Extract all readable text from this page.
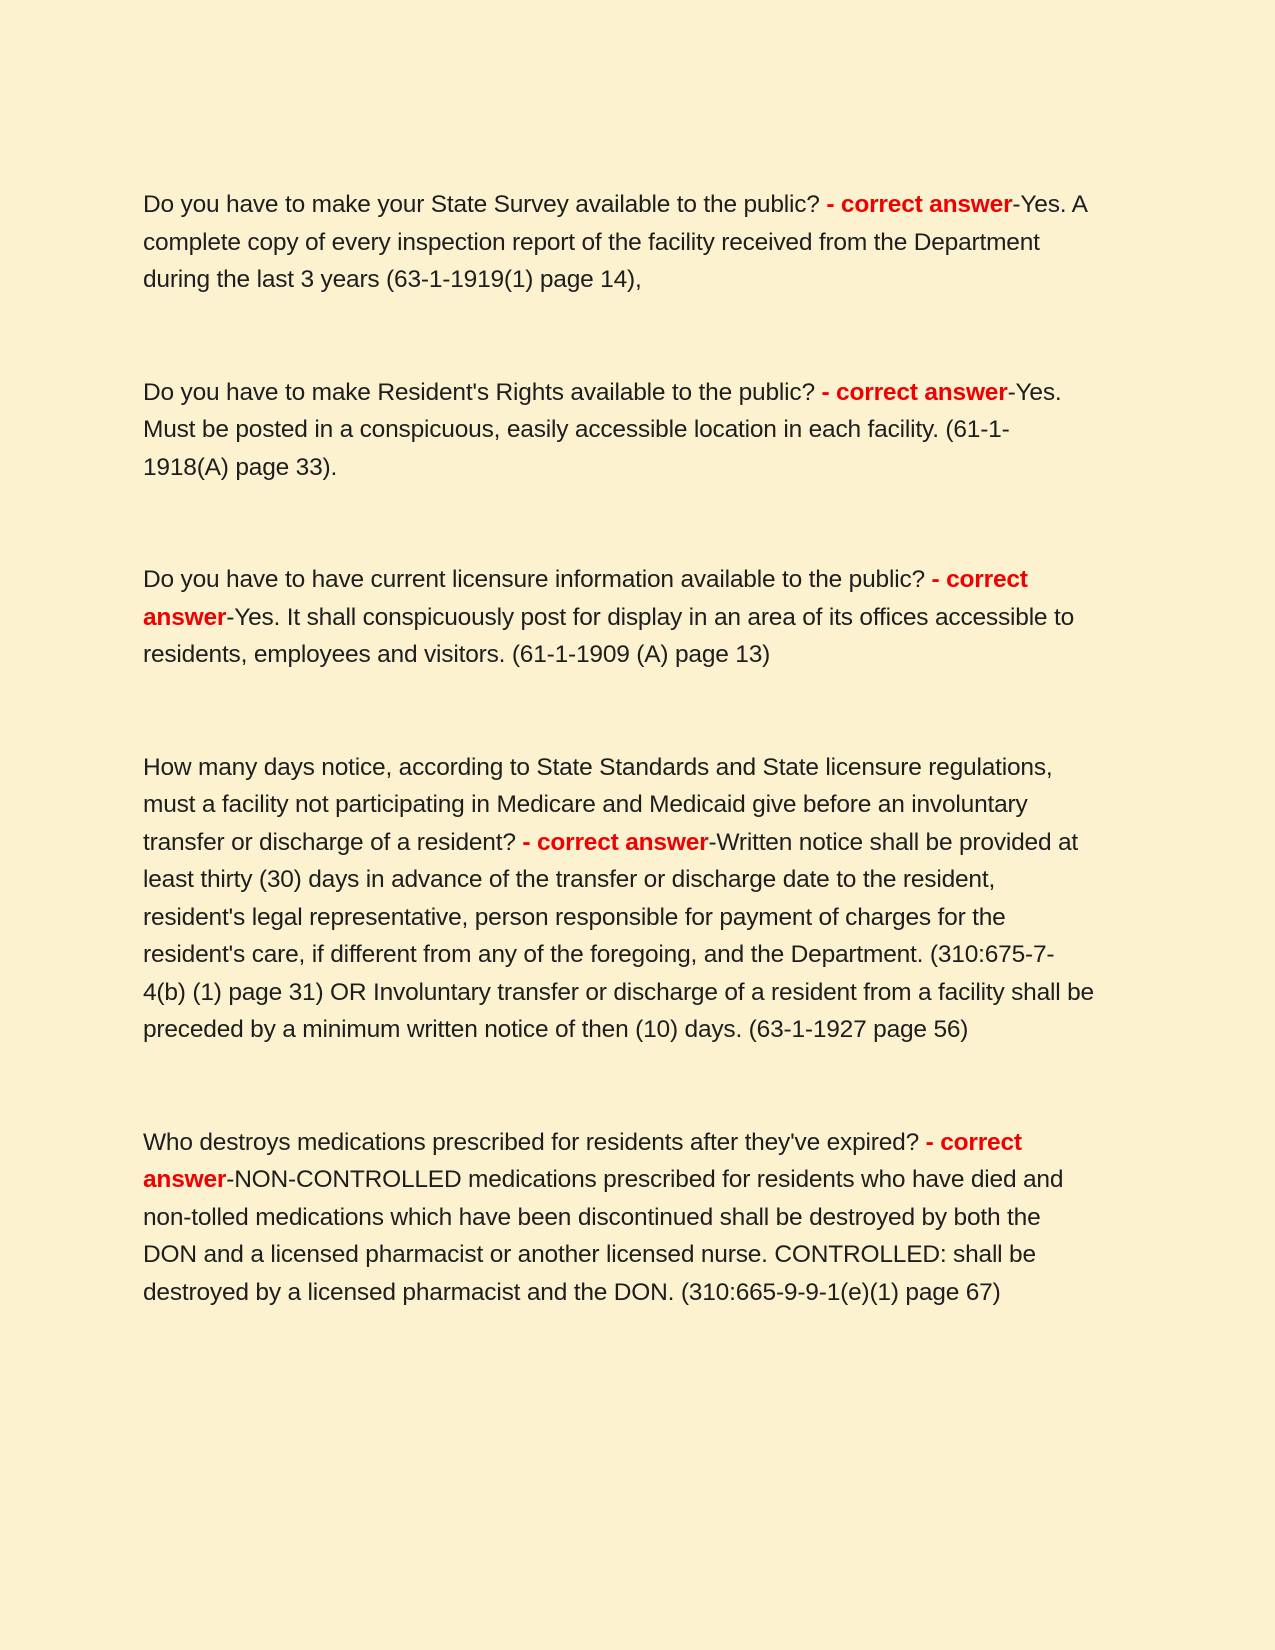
Do you have to make your State Survey available to the public? - correct answer-Yes. A complete copy of every inspection report of the facility received from the Department during the last 3 years (63-1-1919(1) page 14),

Do you have to make Resident's Rights available to the public? - correct answer-Yes. Must be posted in a conspicuous, easily accessible location in each facility. (61-1-1918(A) page 33).

Do you have to have current licensure information available to the public? - correct answer-Yes. It shall conspicuously post for display in an area of its offices accessible to residents, employees and visitors. (61-1-1909 (A) page 13)

How many days notice, according to State Standards and State licensure regulations, must a facility not participating in Medicare and Medicaid give before an involuntary transfer or discharge of a resident? - correct answer-Written notice shall be provided at least thirty (30) days in advance of the transfer or discharge date to the resident, resident's legal representative, person responsible for payment of charges for the resident's care, if different from any of the foregoing, and the Department. (310:675-7-4(b) (1) page 31) OR Involuntary transfer or discharge of a resident from a facility shall be preceded by a minimum written notice of then (10) days. (63-1-1927 page 56)

Who destroys medications prescribed for residents after they've expired? - correct answer-NON-CONTROLLED medications prescribed for residents who have died and non-tolled medications which have been discontinued shall be destroyed by both the DON and a licensed pharmacist or another licensed nurse. CONTROLLED: shall be destroyed by a licensed pharmacist and the DON. (310:665-9-9-1(e)(1) page 67)
